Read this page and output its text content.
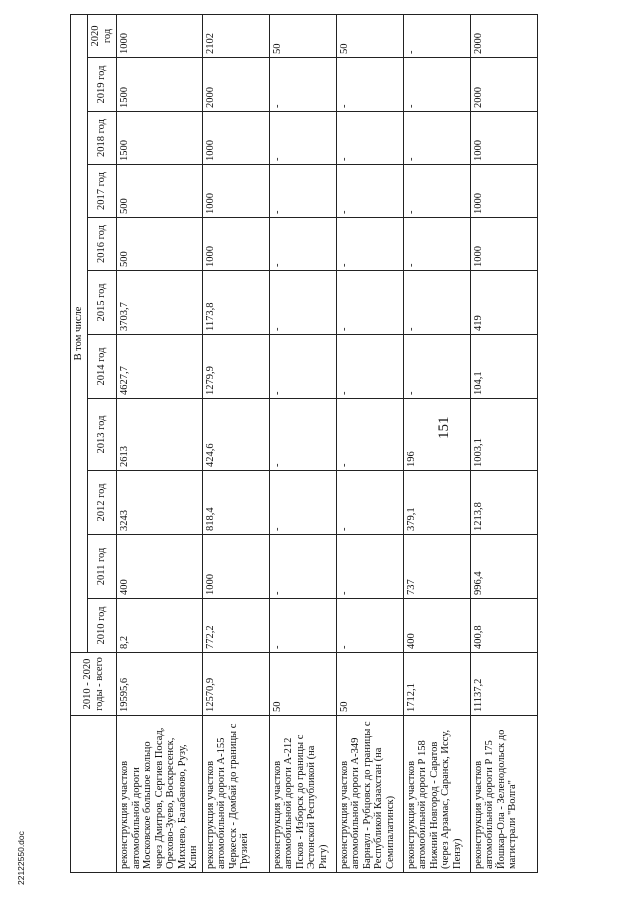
151
22122550.doc
	2010 - 2020 годы - всего	В том числе										
		2010 год	2011 год	2012 год	2013 год	2014 год	2015 год	2016 год	2017 год	2018 год	2019 год	2020 год
реконструкция участков автомобильной дороги Московское большое кольцо через Дмитров, Сергиев Посад, Орехово-Зуево, Воскресенск, Михнево, Балабаново, Рузу, Клин	19595,6	8,2	400	3243	2613	4627,7	3703,7	500	500	1500	1500	1000
реконструкция участков автомобильной дороги А-155 Черкесск - Домбай до границы с Грузией	12570,9	772,2	1000	818,4	424,6	1279,9	1173,8	1000	1000	1000	2000	2102
реконструкция участков автомобильной дороги А-212 Псков - Изборск до границы с Эстонской Республикой (на Ригу)	50	-	-	-	-	-	-	-	-	-	-	50
реконструкция участков автомобильной дороги А-349 Барнаул - Рубцовск до границы с Республикой Казахстан (на Семипалатинск)	50	-	-	-	-	-	-	-	-	-	-	50
реконструкция участков автомобильной дороги Р 158 Нижний Новгород - Саратов (через Арзамас, Саранск, Исcу, Пензу)	1712,1	400	737	379,1	196	-	-	-	-	-	-	-
реконструкция участков автомобильной дороги Р 175 Йошкар-Ола - Зеленодольск до магистрали "Волга"	11137,2	400,8	996,4	1213,8	1003,1	104,1	419	1000	1000	1000	2000	2000
